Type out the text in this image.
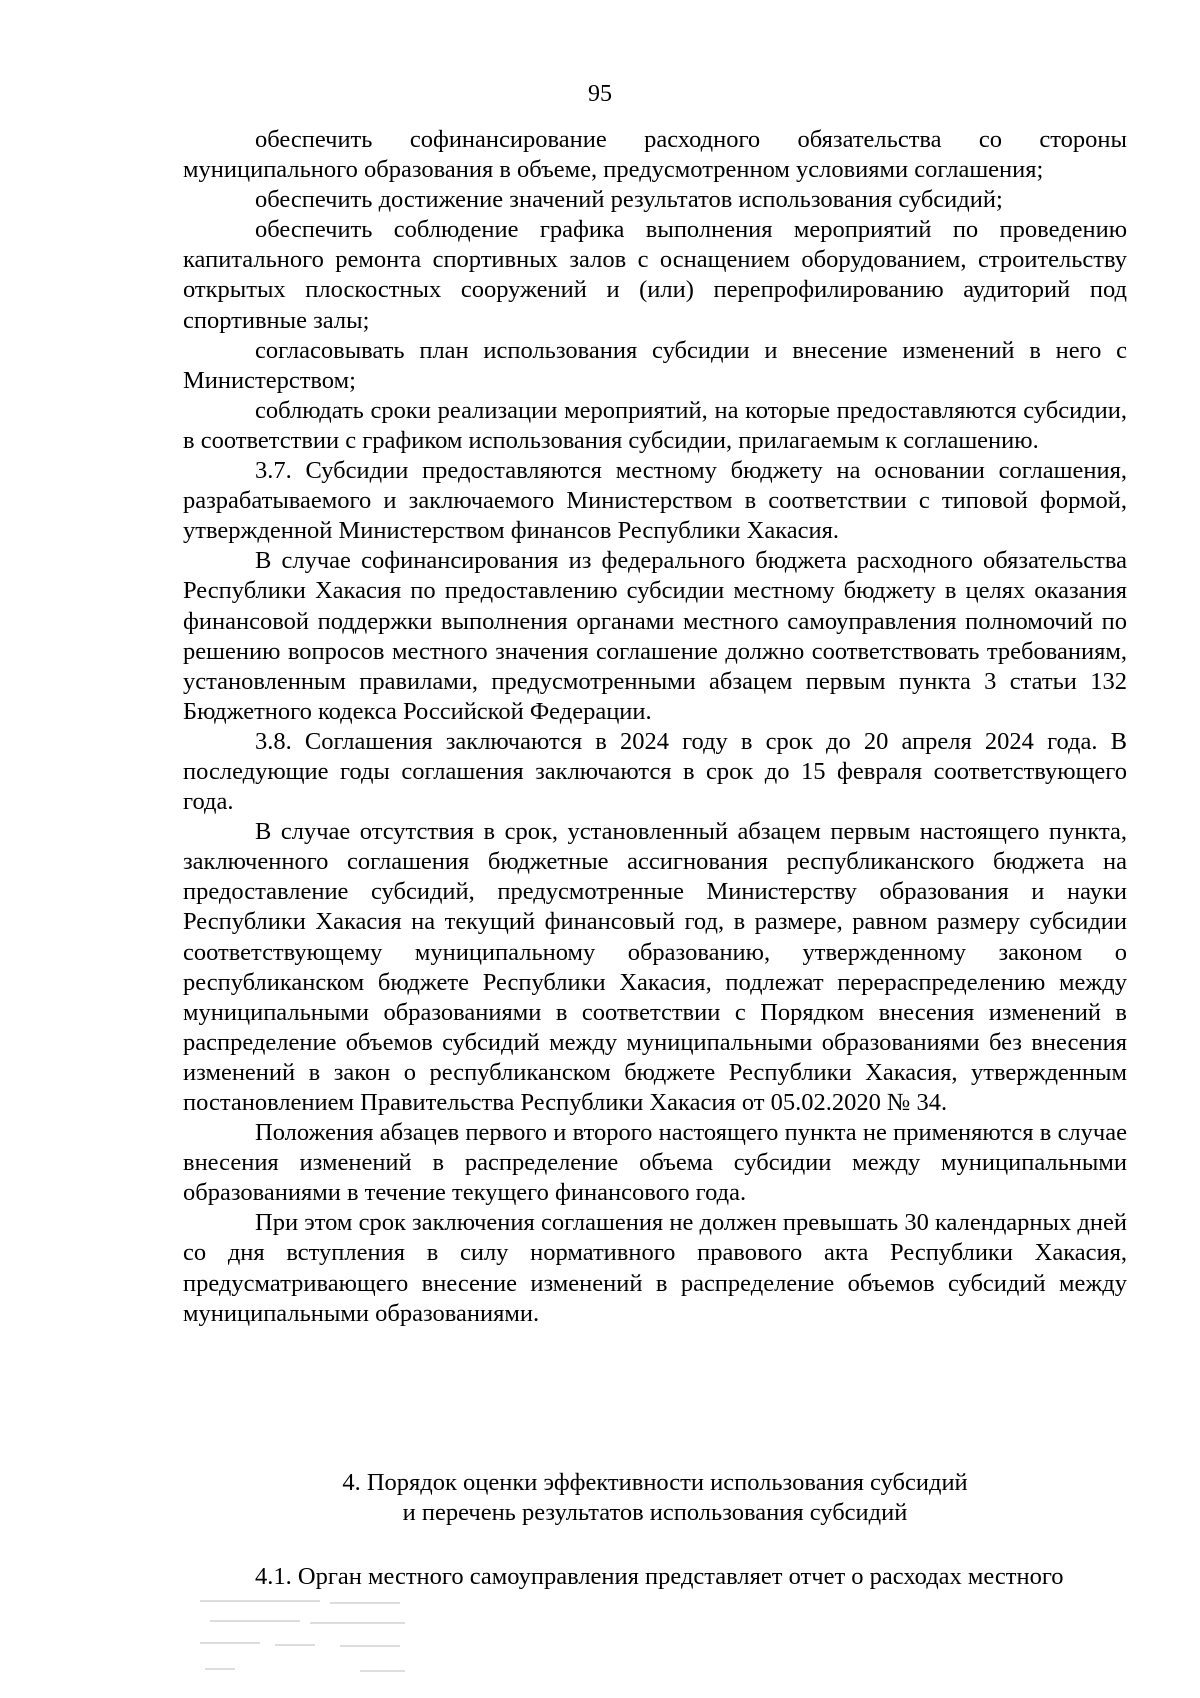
95

обеспечить софинансирование расходного обязательства со стороны муниципального образования в объеме, предусмотренном условиями соглашения;

обеспечить достижение значений результатов использования субсидий;

обеспечить соблюдение графика выполнения мероприятий по проведению капитального ремонта спортивных залов с оснащением оборудованием, строительству открытых плоскостных сооружений и (или) перепрофилированию аудиторий под спортивные залы;

согласовывать план использования субсидии и внесение изменений в него с Министерством;

соблюдать сроки реализации мероприятий, на которые предоставляются субсидии, в соответствии с графиком использования субсидии, прилагаемым к соглашению.

3.7. Субсидии предоставляются местному бюджету на основании соглашения, разрабатываемого и заключаемого Министерством в соответствии с типовой формой, утвержденной Министерством финансов Республики Хакасия.

В случае софинансирования из федерального бюджета расходного обязательства Республики Хакасия по предоставлению субсидии местному бюджету в целях оказания финансовой поддержки выполнения органами местного самоуправления полномочий по решению вопросов местного значения соглашение должно соответствовать требованиям, установленным правилами, предусмотренными абзацем первым пункта 3 статьи 132 Бюджетного кодекса Российской Федерации.

3.8. Соглашения заключаются в 2024 году в срок до 20 апреля 2024 года. В последующие годы соглашения заключаются в срок до 15 февраля соответствующего года.

В случае отсутствия в срок, установленный абзацем первым настоящего пункта, заключенного соглашения бюджетные ассигнования республиканского бюджета на предоставление субсидий, предусмотренные Министерству образования и науки Республики Хакасия на текущий финансовый год, в размере, равном размеру субсидии соответствующему муниципальному образованию, утвержденному законом о республиканском бюджете Республики Хакасия, подлежат перераспределению между муниципальными образованиями в соответствии с Порядком внесения изменений в распределение объемов субсидий между муниципальными образованиями без внесения изменений в закон о республиканском бюджете Республики Хакасия, утвержденным постановлением Правительства Республики Хакасия от 05.02.2020 № 34.

Положения абзацев первого и второго настоящего пункта не применяются в случае внесения изменений в распределение объема субсидии между муниципальными образованиями в течение текущего финансового года.

При этом срок заключения соглашения не должен превышать 30 календарных дней со дня вступления в силу нормативного правового акта Республики Хакасия, предусматривающего внесение изменений в распределение объемов субсидий между муниципальными образованиями.

4. Порядок оценки эффективности использования субсидий
и перечень результатов использования субсидий

4.1. Орган местного самоуправления представляет отчет о расходах местного
